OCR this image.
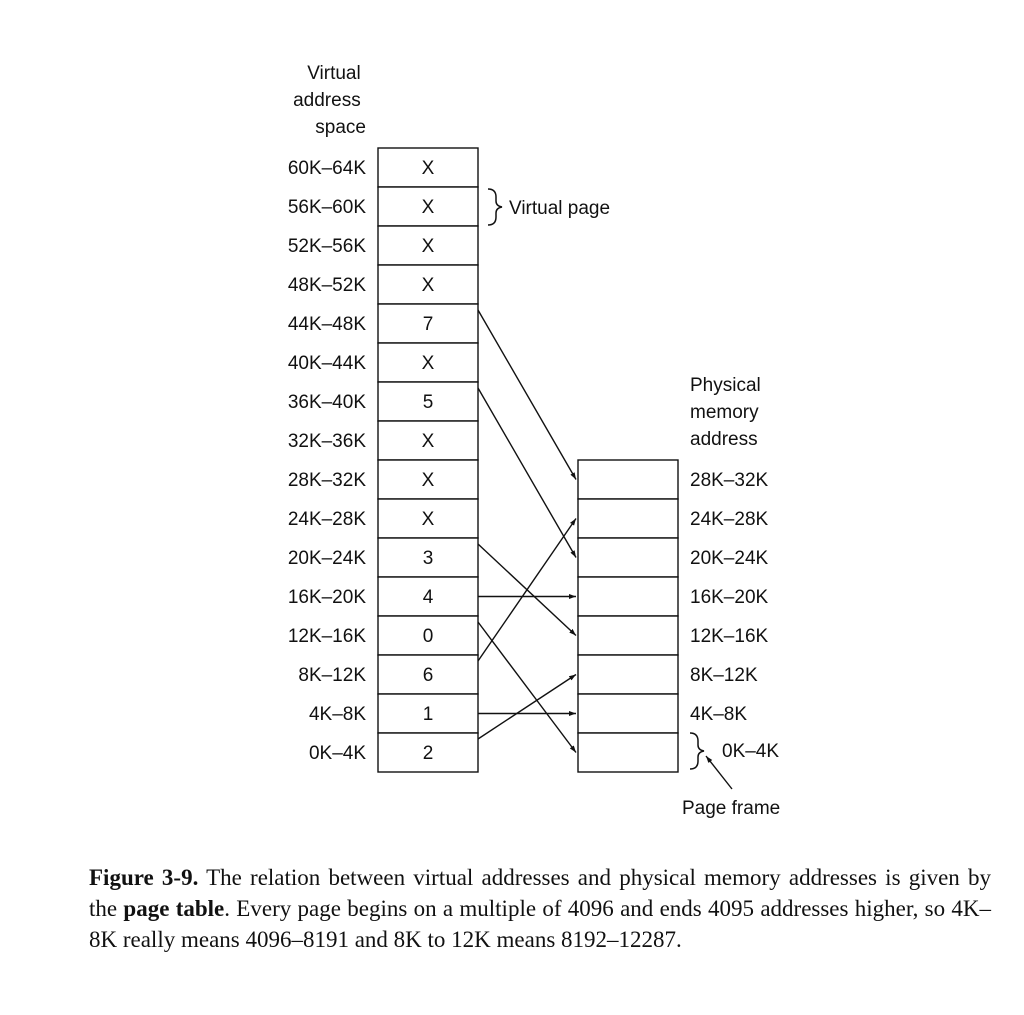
Virtual address space
60K–64K	X
56K–60K	X
52K–56K	X
48K–52K	X
44K–48K	7
40K–44K	X
36K–40K	5
32K–36K	X
28K–32K	X
24K–28K	X
20K–24K	3
16K–20K	4
12K–16K	0
8K–12K	6
4K–8K	1
0K–4K	2
Physical memory address
28K–32K
24K–28K
20K–24K
16K–20K
12K–16K
8K–12K
4K–8K
Virtual page
0K–4K
Page frame
Figure 3-9. The relation between virtual addresses and physical memory addresses is given by the page table. Every page begins on a multiple of 4096 and ends 4095 addresses higher, so 4K–8K really means 4096–8191 and 8K to 12K means 8192–12287.
